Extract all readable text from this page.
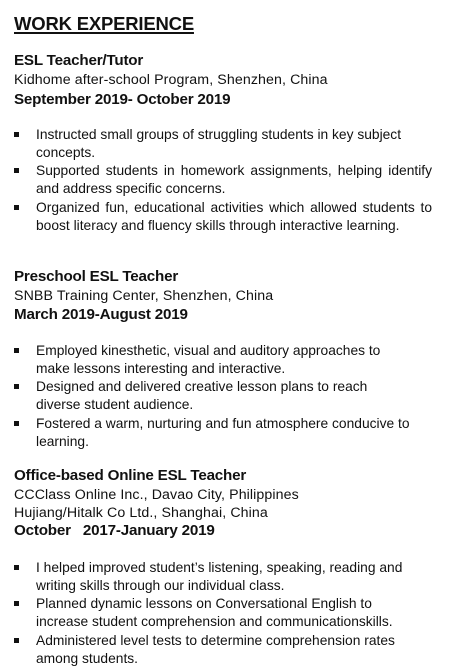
WORK EXPERIENCE
ESL Teacher/Tutor
Kidhome after-school Program, Shenzhen, China
September 2019- October 2019
Instructed small groups of struggling students in key subject concepts.
Supported students in homework assignments, helping identify and address specific concerns.
Organized fun, educational activities which allowed students to boost literacy and fluency skills through interactive learning.
Preschool ESL Teacher
SNBB Training Center, Shenzhen, China
March 2019-August 2019
Employed kinesthetic, visual and auditory approaches to make lessons interesting and interactive.
Designed and delivered creative lesson plans to reach diverse student audience.
Fostered a warm, nurturing and fun atmosphere conducive to learning.
Office-based Online ESL Teacher
CCClass Online Inc., Davao City, Philippines
Hujiang/Hitalk Co Ltd., Shanghai, China
October   2017-January 2019
I helped improved student’s listening, speaking, reading and writing skills through our individual class.
Planned dynamic lessons on Conversational English to increase student comprehension and communicationskills.
Administered level tests to determine comprehension rates among students.
